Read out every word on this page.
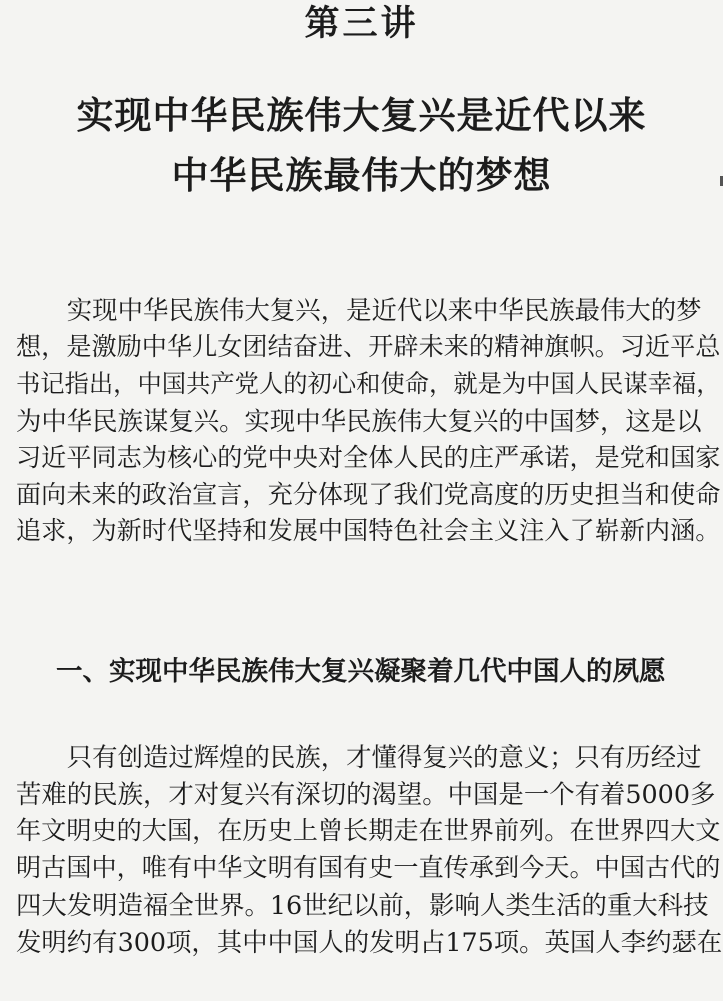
第三讲
实现中华民族伟大复兴是近代以来
中华民族最伟大的梦想
　　实现中华民族伟大复兴，是近代以来中华民族最伟大的梦
想，是激励中华儿女团结奋进、开辟未来的精神旗帜。习近平总
书记指出，中国共产党人的初心和使命，就是为中国人民谋幸福，
为中华民族谋复兴。实现中华民族伟大复兴的中国梦，这是以
习近平同志为核心的党中央对全体人民的庄严承诺，是党和国家
面向未来的政治宣言，充分体现了我们党高度的历史担当和使命
追求，为新时代坚持和发展中国特色社会主义注入了崭新内涵。
一、实现中华民族伟大复兴凝聚着几代中国人的夙愿
　　只有创造过辉煌的民族，才懂得复兴的意义；只有历经过
苦难的民族，才对复兴有深切的渴望。中国是一个有着5000多
年文明史的大国，在历史上曾长期走在世界前列。在世界四大文
明古国中，唯有中华文明有国有史一直传承到今天。中国古代的
四大发明造福全世界。16世纪以前，影响人类生活的重大科技
发明约有300项，其中中国人的发明占175项。英国人李约瑟在
